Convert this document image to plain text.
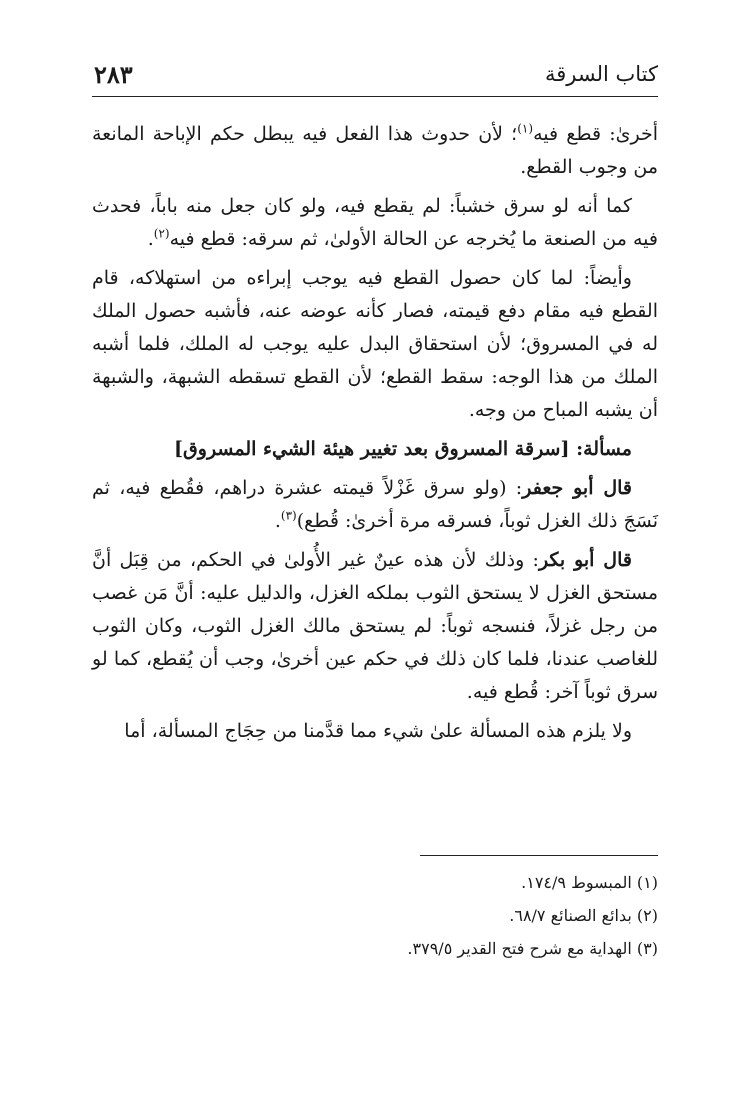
كتاب السرقة
٢٨٣

أخرىٰ: قطع فيه$^{(١)}$؛ لأن حدوث هذا الفعل فيه يبطل حكم الإباحة المانعة من وجوب القطع.

كما أنه لو سرق خشباً: لم يقطع فيه، ولو كان جعل منه باباً، فحدث فيه من الصنعة ما يُخرجه عن الحالة الأولىٰ، ثم سرقه: قطع فيه$^{(٢)}$.

وأيضاً: لما كان حصول القطع فيه يوجب إبراءه من استهلاكه، قام القطع فيه مقام دفع قيمته، فصار كأنه عوضه عنه، فأشبه حصول الملك له في المسروق؛ لأن استحقاق البدل عليه يوجب له الملك، فلما أشبه الملك من هذا الوجه: سقط القطع؛ لأن القطع تسقطه الشبهة، والشبهة أن يشبه المباح من وجه.

مسألة: [سرقة المسروق بعد تغيير هيئة الشيء المسروق]

قال أبو جعفر: (ولو سرق غَزْلاً قيمته عشرة دراهم، فقُطع فيه، ثم نَسَجَ ذلك الغزل ثوباً، فسرقه مرة أخرىٰ: قُطع)$^{(٣)}$.

قال أبو بكر: وذلك لأن هذه عينٌ غير الأُولىٰ في الحكم، من قِبَل أنَّ مستحق الغزل لا يستحق الثوب بملكه الغزل، والدليل عليه: أنَّ مَن غصب من رجل غزلاً، فنسجه ثوباً: لم يستحق مالك الغزل الثوب، وكان الثوب للغاصب عندنا، فلما كان ذلك في حكم عين أخرىٰ، وجب أن يُقطع، كما لو سرق ثوباً آخر: قُطع فيه.

ولا يلزم هذه المسألة علىٰ شيء مما قدَّمنا من حِجَاج المسألة، أما

(١) المبسوط ١٧٤/٩.
(٢) بدائع الصنائع ٦٨/٧.
(٣) الهداية مع شرح فتح القدير ٣٧٩/٥.
